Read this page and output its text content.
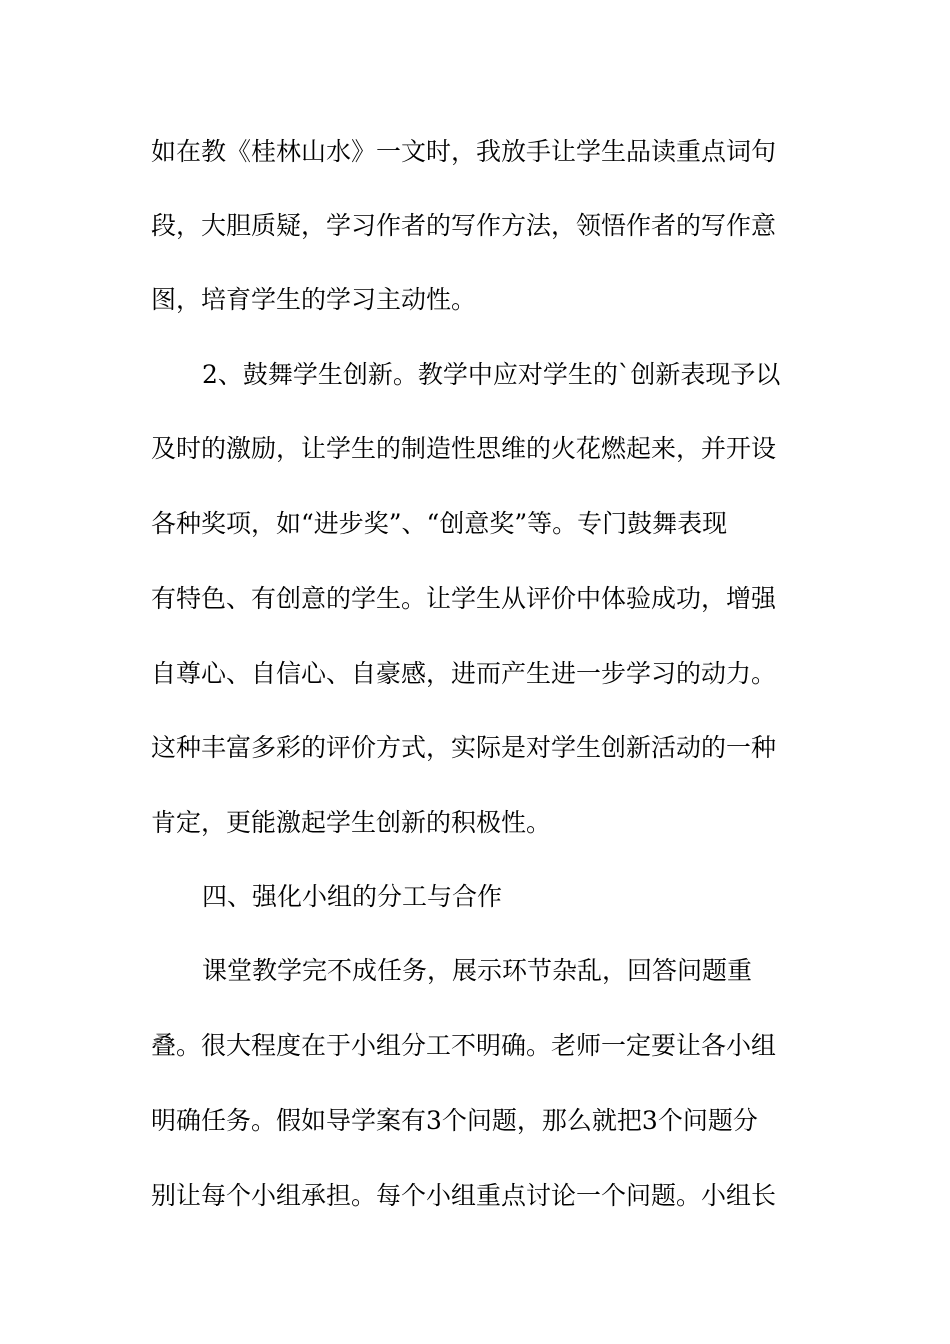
如在教《桂林山水》一文时，我放手让学生品读重点词句
段，大胆质疑，学习作者的写作方法，领悟作者的写作意
图，培育学生的学习主动性。
2、鼓舞学生创新。教学中应对学生的`创新表现予以
及时的激励，让学生的制造性思维的火花燃起来，并开设
各种奖项，如“进步奖”、“创意奖”等。专门鼓舞表现
有特色、有创意的学生。让学生从评价中体验成功，增强
自尊心、自信心、自豪感，进而产生进一步学习的动力。
这种丰富多彩的评价方式，实际是对学生创新活动的一种
肯定，更能激起学生创新的积极性。
四、强化小组的分工与合作
课堂教学完不成任务，展示环节杂乱，回答问题重
叠。很大程度在于小组分工不明确。老师一定要让各小组
明确任务。假如导学案有3个问题，那么就把3个问题分
别让每个小组承担。每个小组重点讨论一个问题。小组长
